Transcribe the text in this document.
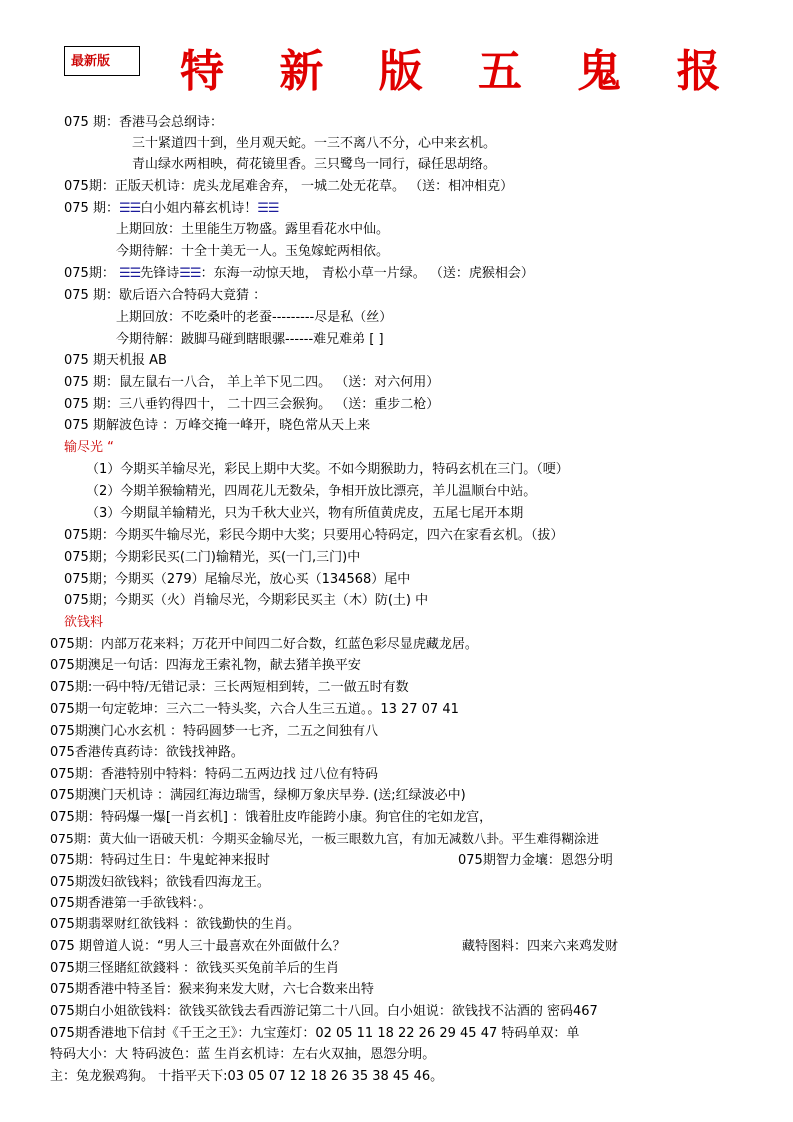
最新版	特 新 版 五 鬼 报
075 期：香港马会总纲诗：
三十紧道四十到，坐月观天蛇。一三不离八不分，心中来玄机。
青山绿水两相映，荷花镜里香。三只鹭鸟一同行，碌任思胡络。
075期：正版天机诗：虎头龙尾难舍弃， 一城二处无花草。 （送：相冲相克）
075 期：☰☰白小姐内幕玄机诗！☰☰
上期回放：土里能生万物盛。露里看花水中仙。
今期待解：十全十美无一人。玉兔嫁蛇两相依。
075期： ☰☰先锋诗☰☰：东海一动惊天地， 青松小草一片绿。 （送：虎猴相会）
075 期：歇后语六合特码大竟猜 ：
上期回放：不吃桑叶的老蚕---------尽是私（丝）
今期待解：跛脚马碰到瞎眼骡------难兄难弟 [ ]
075 期天机报 AB
075 期：鼠左鼠右一八合， 羊上羊下见二四。 （送：对六何用）
075 期：三八垂钓得四十， 二十四三会猴狗。 （送：重步二枪）
075 期解波色诗 ：万峰交掩一峰开，晓色常从天上来
输尽光 “
（1）今期买羊输尽光，彩民上期中大奖。不如今期猴助力，特码玄机在三门。（哽）
（2）今期羊猴输精光，四周花儿无数朵，争相开放比漂亮，羊儿温顺台中站。
（3）今期鼠羊输精光，只为千秋大业兴，物有所值黄虎皮，五尾七尾开本期
075期：今期买牛输尽光，彩民今期中大奖；只要用心特码定，四六在家看玄机。（拔）
075期；今期彩民买(二门)输精光，买(一门,三门)中
075期；今期买（279）尾输尽光，放心买（134568）尾中
075期；今期买（火）肖输尽光，今期彩民买主（木）防(土) 中
欲钱料
075期：内部万花来料；万花开中间四二好合数，红蓝色彩尽显虎藏龙居。
075期澳足一句话：四海龙王索礼物，献去猪羊换平安
075期:一码中特/无错记录：三长两短相到转，二一做五时有数
075期一句定乾坤：三六二一特头奖，六合人生三五道。。13 27 07 41
075期澳门心水玄机 ：特码圆梦一七齐，二五之间独有八
075香港传真药诗：欲钱找神路。
075期：香港特别中特料：特码二五两边找 过八位有特码
075期澳门天机诗 ：满园红海边瑞雪，绿柳万象庆早券. (送;红绿波必中)
075期：特码爆一爆[一肖玄机] ：饿着肚皮咋能跨小康。狗官住的宅如龙宫，
075期：黄大仙一语破天机：今期买金输尽光，一板三眼数九宫，有加无减数八卦。平生难得糊涂进
075期：特码过生日：牛鬼蛇神来报时	075期智力金壤：恩怨分明
075期泼妇欲钱料；欲钱看四海龙王。
075期香港第一手欲钱料：。
075期翡翠财红欲钱料 ：欲钱勤快的生肖。
075 期曾道人说：“男人三十最喜欢在外面做什么？	藏特图料：四来六来鸡发财
075期三怪賭紅欲錢料 ：欲钱买买兔前羊后的生肖
075期香港中特圣旨：猴来狗来发大财，六七合数来出特
075期白小姐欲钱料：欲钱买欲钱去看西游记第二十八回。白小姐说：欲钱找不沾酒的 密码467
075期香港地下信封《千王之王》：九宝莲灯：02 05 11 18 22 26 29 45 47 特码单双：单
特码大小：大 特码波色：蓝 生肖玄机诗：左右火双抽，恩怨分明。
主：兔龙猴鸡狗。 十指平天下:03 05 07 12 18 26 35 38 45 46。
